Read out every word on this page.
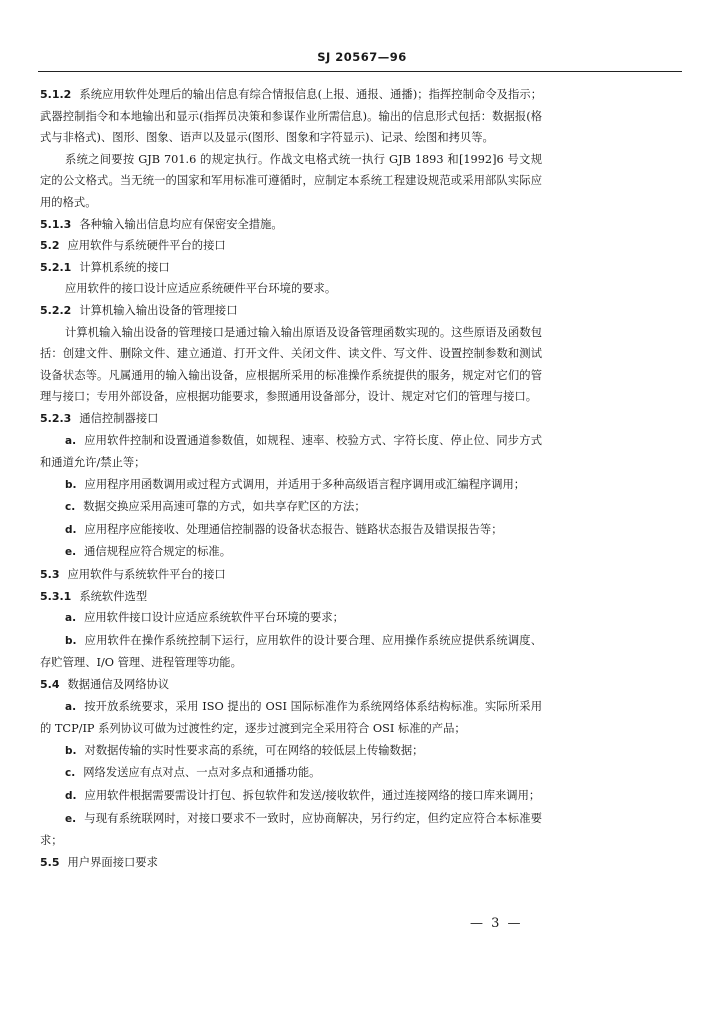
SJ 20567—96

5.1.2 系统应用软件处理后的输出信息有综合情报信息(上报、通报、通播)；指挥控制命令及指示；武器控制指令和本地输出和显示(指挥员决策和参谋作业所需信息)。输出的信息形式包括：数据报(格式与非格式)、图形、图象、语声以及显示(图形、图象和字符显示)、记录、绘图和拷贝等。

系统之间要按 GJB 701.6 的规定执行。作战文电格式统一执行 GJB 1893 和[1992]6 号文规定的公文格式。当无统一的国家和军用标准可遵循时，应制定本系统工程建设规范或采用部队实际应用的格式。

5.1.3 各种输入输出信息均应有保密安全措施。

5.2 应用软件与系统硬件平台的接口

5.2.1 计算机系统的接口

应用软件的接口设计应适应系统硬件平台环境的要求。

5.2.2 计算机输入输出设备的管理接口

计算机输入输出设备的管理接口是通过输入输出原语及设备管理函数实现的。这些原语及函数包括：创建文件、删除文件、建立通道、打开文件、关闭文件、读文件、写文件、设置控制参数和测试设备状态等。凡属通用的输入输出设备，应根据所采用的标准操作系统提供的服务，规定对它们的管理与接口；专用外部设备，应根据功能要求，参照通用设备部分，设计、规定对它们的管理与接口。

5.2.3 通信控制器接口

a. 应用软件控制和设置通道参数值，如规程、速率、校验方式、字符长度、停止位、同步方式和通道允许/禁止等；

b. 应用程序用函数调用或过程方式调用，并适用于多种高级语言程序调用或汇编程序调用；

c. 数据交换应采用高速可靠的方式，如共享存贮区的方法；

d. 应用程序应能接收、处理通信控制器的设备状态报告、链路状态报告及错误报告等；

e. 通信规程应符合规定的标准。

5.3 应用软件与系统软件平台的接口

5.3.1 系统软件选型

a. 应用软件接口设计应适应系统软件平台环境的要求；

b. 应用软件在操作系统控制下运行，应用软件的设计要合理、应用操作系统应提供系统调度、存贮管理、I/O 管理、进程管理等功能。

5.4 数据通信及网络协议

a. 按开放系统要求，采用 ISO 提出的 OSI 国际标准作为系统网络体系结构标准。实际所采用的 TCP/IP 系列协议可做为过渡性约定，逐步过渡到完全采用符合 OSI 标准的产品；

b. 对数据传输的实时性要求高的系统，可在网络的较低层上传输数据；

c. 网络发送应有点对点、一点对多点和通播功能。

d. 应用软件根据需要需设计打包、拆包软件和发送/接收软件，通过连接网络的接口库来调用；

e. 与现有系统联网时，对接口要求不一致时，应协商解决，另行约定，但约定应符合本标准要求；

5.5 用户界面接口要求

— 3 —
